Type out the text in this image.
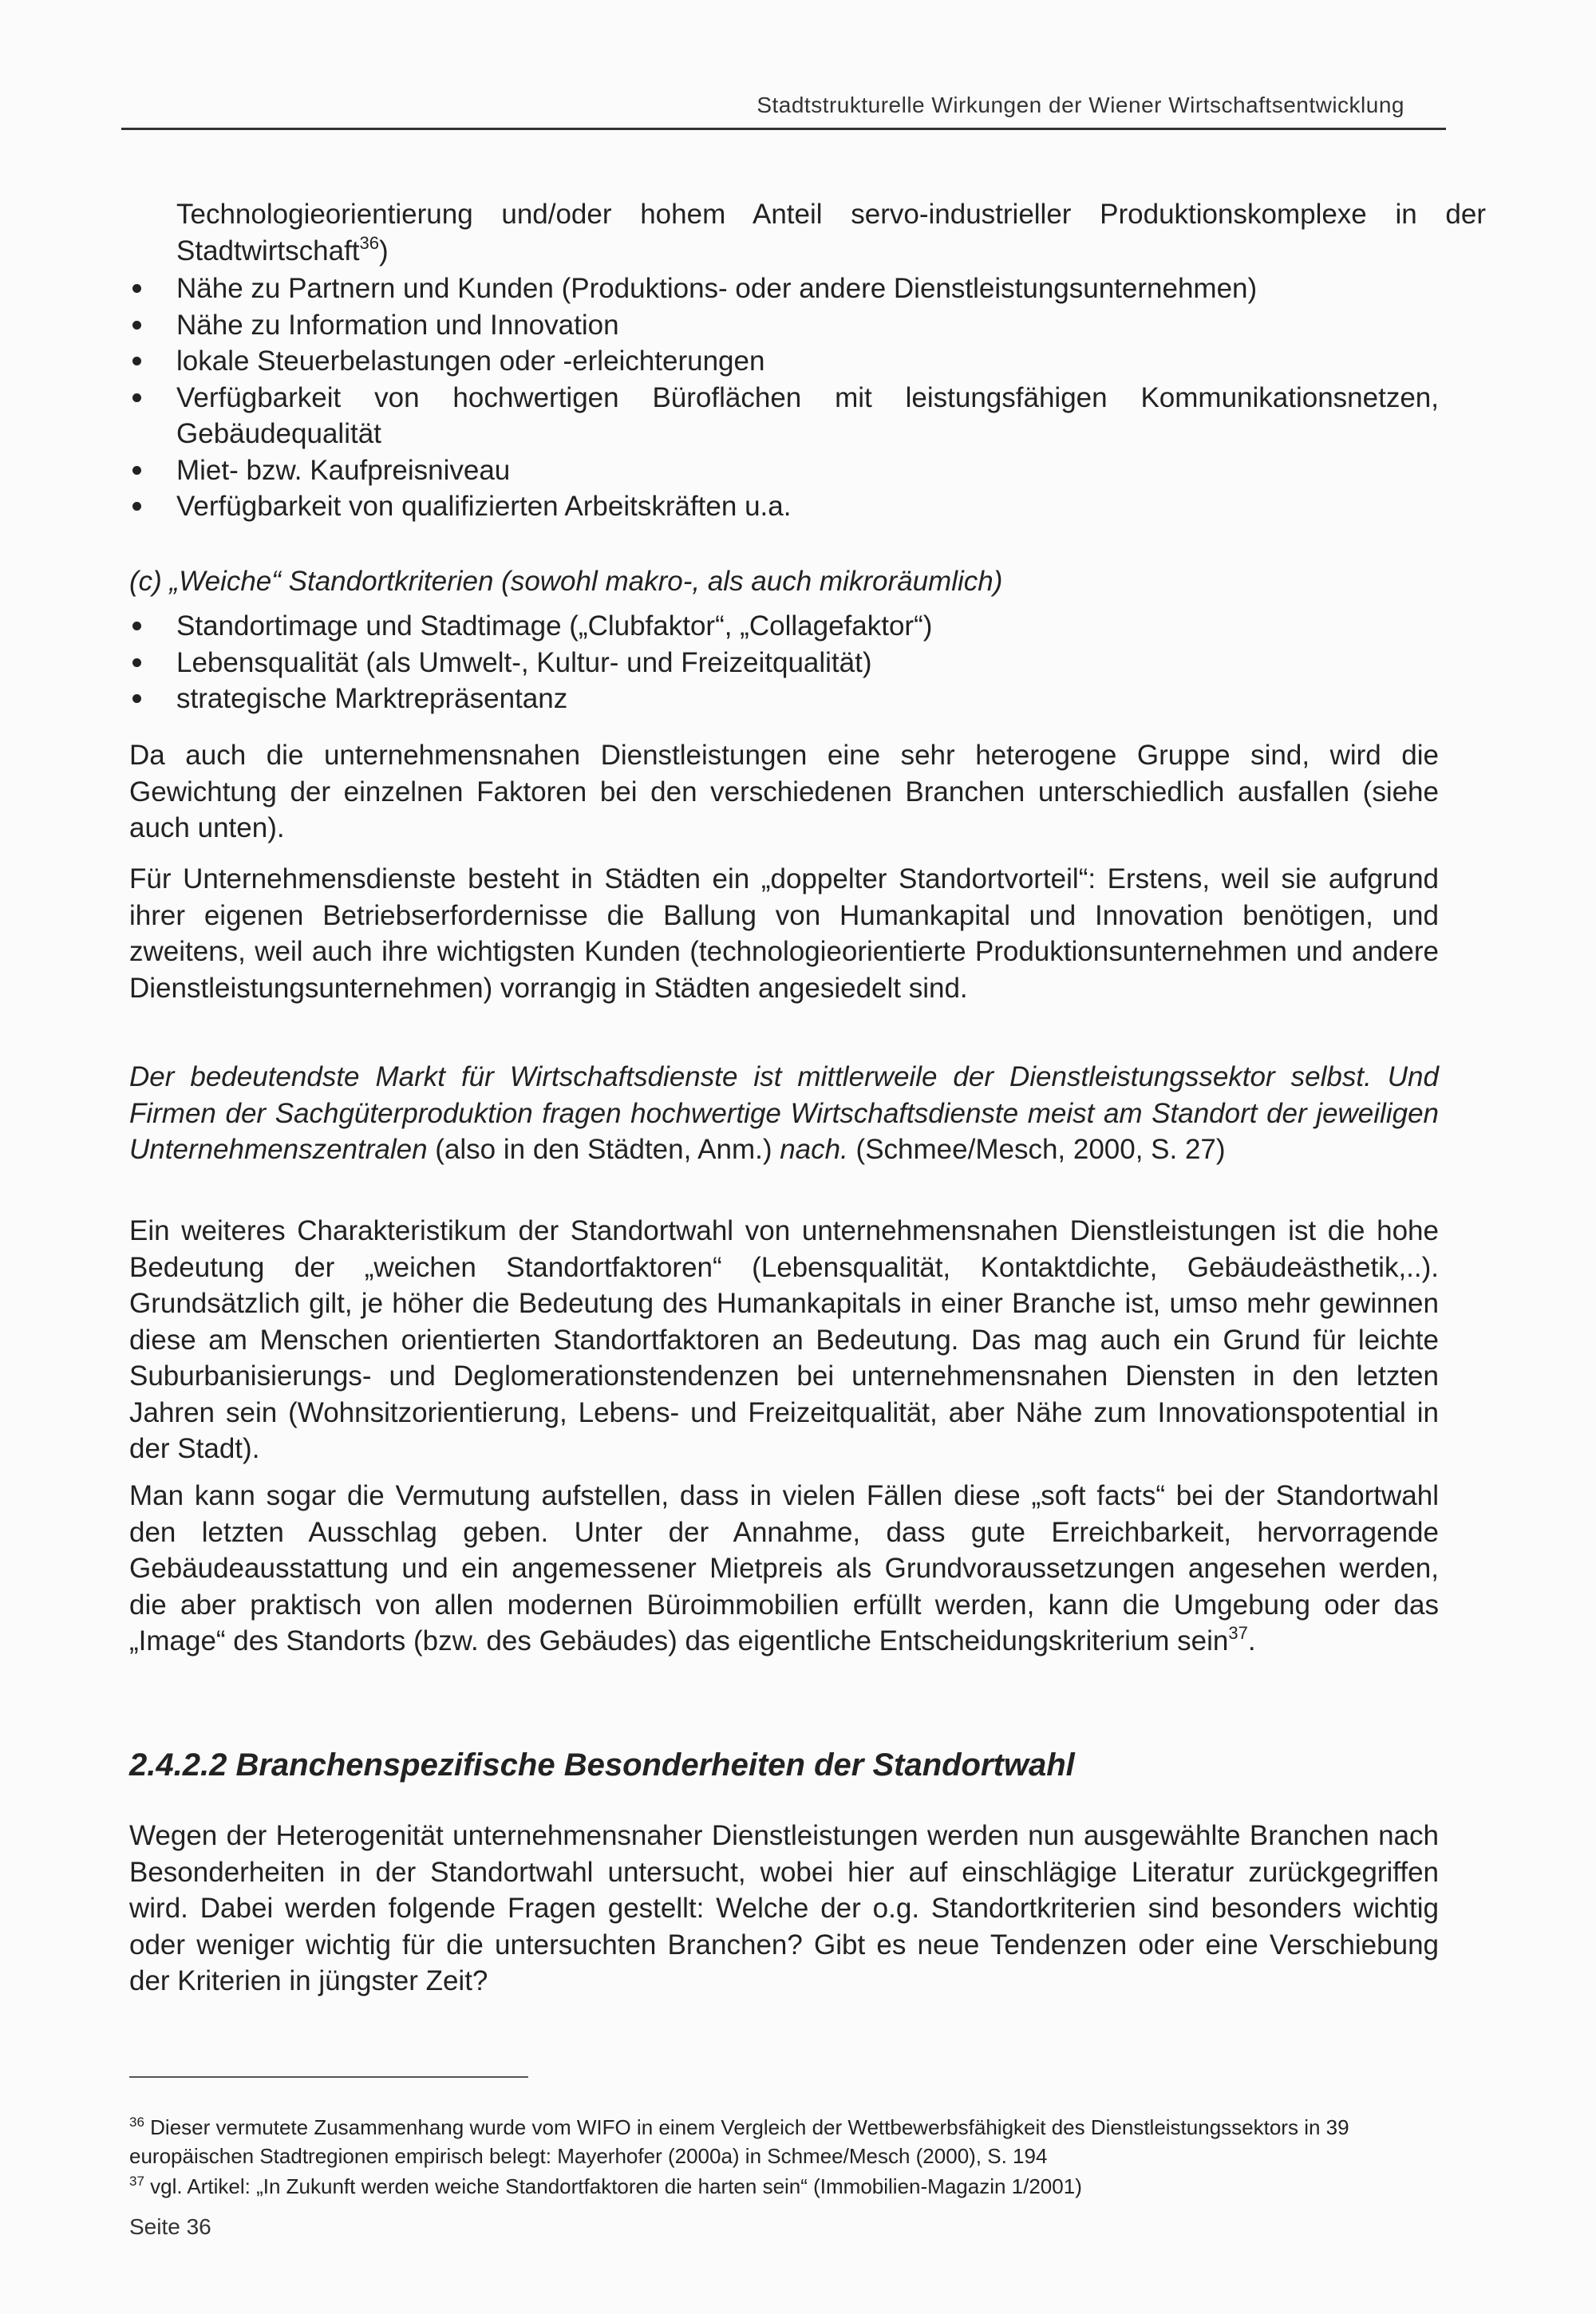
Stadtstrukturelle Wirkungen der Wiener Wirtschaftsentwicklung
Technologieorientierung und/oder hohem Anteil servo-industrieller Produktionskomplexe in der Stadtwirtschaft$^{36}$)
Nähe zu Partnern und Kunden (Produktions- oder andere Dienstleistungsunternehmen)
Nähe zu Information und Innovation
lokale Steuerbelastungen oder -erleichterungen
Verfügbarkeit von hochwertigen Büroflächen mit leistungsfähigen Kommunikationsnetzen, Gebäudequalität
Miet- bzw. Kaufpreisniveau
Verfügbarkeit von qualifizierten Arbeitskräften u.a.
(c) „Weiche“ Standortkriterien (sowohl makro-, als auch mikroräumlich)
Standortimage und Stadtimage („Clubfaktor“, „Collagefaktor“)
Lebensqualität (als Umwelt-, Kultur- und Freizeitqualität)
strategische Marktrepräsentanz
Da auch die unternehmensnahen Dienstleistungen eine sehr heterogene Gruppe sind, wird die Gewichtung der einzelnen Faktoren bei den verschiedenen Branchen unterschiedlich ausfallen (siehe auch unten).
Für Unternehmensdienste besteht in Städten ein „doppelter Standortvorteil“: Erstens, weil sie aufgrund ihrer eigenen Betriebserfordernisse die Ballung von Humankapital und Innovation benötigen, und zweitens, weil auch ihre wichtigsten Kunden (technologieorientierte Produktionsunternehmen und andere Dienstleistungsunternehmen) vorrangig in Städten angesiedelt sind.
Der bedeutendste Markt für Wirtschaftsdienste ist mittlerweile der Dienstleistungssektor selbst. Und Firmen der Sachgüterproduktion fragen hochwertige Wirtschaftsdienste meist am Standort der jeweiligen Unternehmenszentralen (also in den Städten, Anm.) nach. (Schmee/Mesch, 2000, S. 27)
Ein weiteres Charakteristikum der Standortwahl von unternehmensnahen Dienstleistungen ist die hohe Bedeutung der „weichen Standortfaktoren“ (Lebensqualität, Kontaktdichte, Gebäudeästhetik,..). Grundsätzlich gilt, je höher die Bedeutung des Humankapitals in einer Branche ist, umso mehr gewinnen diese am Menschen orientierten Standortfaktoren an Bedeutung. Das mag auch ein Grund für leichte Suburbanisierungs- und Deglomerationstendenzen bei unternehmensnahen Diensten in den letzten Jahren sein (Wohnsitzorientierung, Lebens- und Freizeitqualität, aber Nähe zum Innovationspotential in der Stadt).
Man kann sogar die Vermutung aufstellen, dass in vielen Fällen diese „soft facts“ bei der Standortwahl den letzten Ausschlag geben. Unter der Annahme, dass gute Erreichbarkeit, hervorragende Gebäudeausstattung und ein angemessener Mietpreis als Grundvoraussetzungen angesehen werden, die aber praktisch von allen modernen Büroimmobilien erfüllt werden, kann die Umgebung oder das „Image“ des Standorts (bzw. des Gebäudes) das eigentliche Entscheidungskriterium sein$^{37}$.
2.4.2.2 Branchenspezifische Besonderheiten der Standortwahl
Wegen der Heterogenität unternehmensnaher Dienstleistungen werden nun ausgewählte Branchen nach Besonderheiten in der Standortwahl untersucht, wobei hier auf einschlägige Literatur zurückgegriffen wird. Dabei werden folgende Fragen gestellt: Welche der o.g. Standortkriterien sind besonders wichtig oder weniger wichtig für die untersuchten Branchen? Gibt es neue Tendenzen oder eine Verschiebung der Kriterien in jüngster Zeit?
$^{36}$ Dieser vermutete Zusammenhang wurde vom WIFO in einem Vergleich der Wettbewerbsfähigkeit des Dienstleistungssektors in 39 europäischen Stadtregionen empirisch belegt: Mayerhofer (2000a) in Schmee/Mesch (2000), S. 194
$^{37}$ vgl. Artikel: „In Zukunft werden weiche Standortfaktoren die harten sein“ (Immobilien-Magazin 1/2001)
Seite 36
